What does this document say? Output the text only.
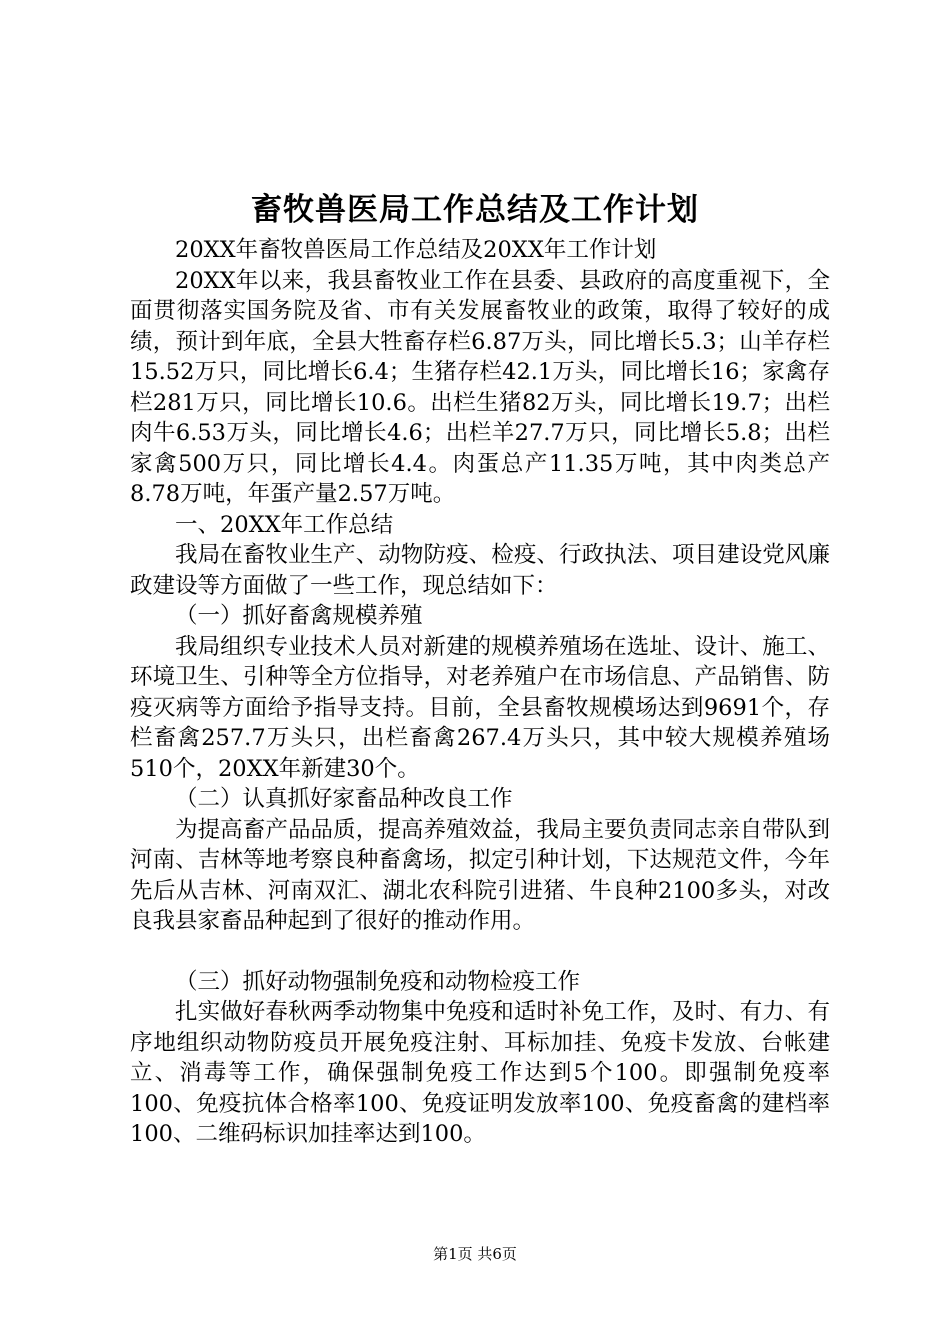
畜牧兽医局工作总结及工作计划

20XX年畜牧兽医局工作总结及20XX年工作计划

20XX年以来，我县畜牧业工作在县委、县政府的高度重视下，全面贯彻落实国务院及省、市有关发展畜牧业的政策，取得了较好的成绩，预计到年底，全县大牲畜存栏6.87万头，同比增长5.3；山羊存栏15.52万只，同比增长6.4；生猪存栏42.1万头，同比增长16；家禽存栏281万只，同比增长10.6。出栏生猪82万头，同比增长19.7；出栏肉牛6.53万头，同比增长4.6；出栏羊27.7万只，同比增长5.8；出栏家禽500万只，同比增长4.4。肉蛋总产11.35万吨，其中肉类总产8.78万吨，年蛋产量2.57万吨。

一、20XX年工作总结

我局在畜牧业生产、动物防疫、检疫、行政执法、项目建设党风廉政建设等方面做了一些工作，现总结如下：

（一）抓好畜禽规模养殖

我局组织专业技术人员对新建的规模养殖场在选址、设计、施工、环境卫生、引种等全方位指导，对老养殖户在市场信息、产品销售、防疫灭病等方面给予指导支持。目前，全县畜牧规模场达到9691个，存栏畜禽257.7万头只，出栏畜禽267.4万头只，其中较大规模养殖场510个，20XX年新建30个。

（二）认真抓好家畜品种改良工作

为提高畜产品品质，提高养殖效益，我局主要负责同志亲自带队到河南、吉林等地考察良种畜禽场，拟定引种计划，下达规范文件，今年先后从吉林、河南双汇、湖北农科院引进猪、牛良种2100多头，对改良我县家畜品种起到了很好的推动作用。

（三）抓好动物强制免疫和动物检疫工作

扎实做好春秋两季动物集中免疫和适时补免工作，及时、有力、有序地组织动物防疫员开展免疫注射、耳标加挂、免疫卡发放、台帐建立、消毒等工作，确保强制免疫工作达到5个100。即强制免疫率100、免疫抗体合格率100、免疫证明发放率100、免疫畜禽的建档率100、二维码标识加挂率达到100。

第1页 共6页
